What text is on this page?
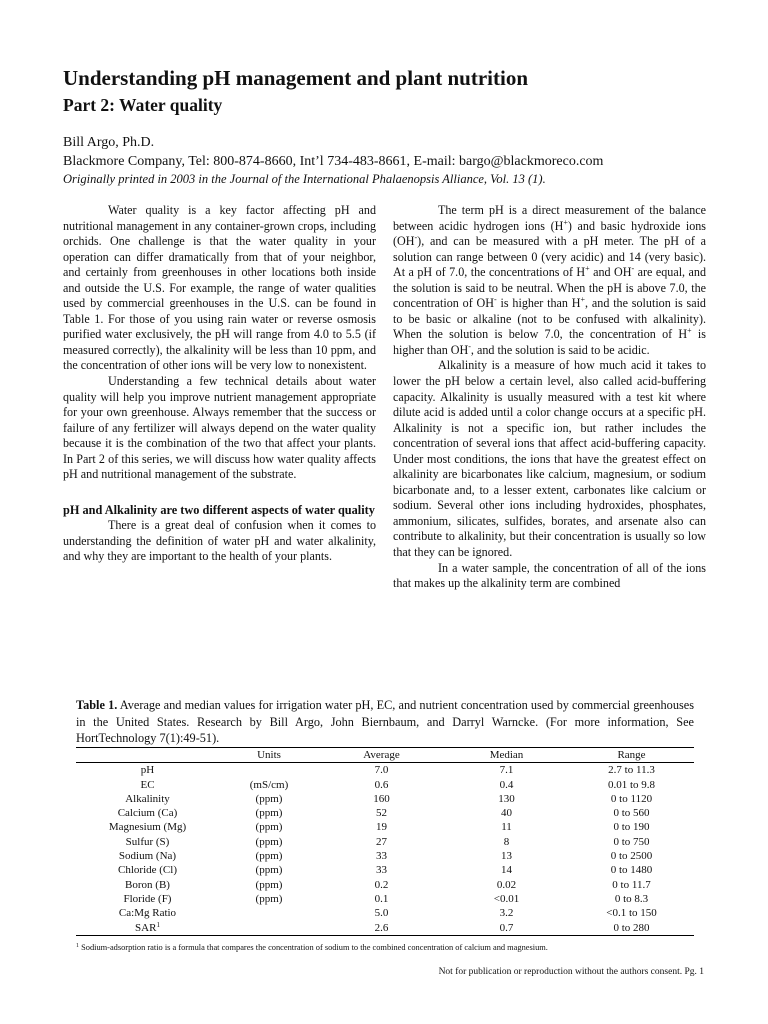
Understanding pH management and plant nutrition
Part 2: Water quality
Bill Argo, Ph.D.
Blackmore Company, Tel: 800-874-8660, Int’l 734-483-8661, E-mail: bargo@blackmoreco.com
Originally printed in 2003 in the Journal of the International Phalaenopsis Alliance, Vol. 13 (1).

Water quality is a key factor affecting pH and nutritional management in any container-grown crops, including orchids. One challenge is that the water quality in your operation can differ dramatically from that of your neighbor, and certainly from greenhouses in other locations both inside and outside the U.S. For example, the range of water qualities used by commercial greenhouses in the U.S. can be found in Table 1. For those of you using rain water or reverse osmosis purified water exclusively, the pH will range from 4.0 to 5.5 (if measured correctly), the alkalinity will be less than 10 ppm, and the concentration of other ions will be very low to nonexistent.

Understanding a few technical details about water quality will help you improve nutrient management appropriate for your own greenhouse. Always remember that the success or failure of any fertilizer will always depend on the water quality because it is the combination of the two that affect your plants. In Part 2 of this series, we will discuss how water quality affects pH and nutritional management of the substrate.

pH and Alkalinity are two different aspects of water quality

There is a great deal of confusion when it comes to understanding the definition of water pH and water alkalinity, and why they are important to the health of your plants.

The term pH is a direct measurement of the balance between acidic hydrogen ions (H+) and basic hydroxide ions (OH-), and can be measured with a pH meter. The pH of a solution can range between 0 (very acidic) and 14 (very basic). At a pH of 7.0, the concentrations of H+ and OH- are equal, and the solution is said to be neutral. When the pH is above 7.0, the concentration of OH- is higher than H+, and the solution is said to be basic or alkaline (not to be confused with alkalinity). When the solution is below 7.0, the concentration of H+ is higher than OH-, and the solution is said to be acidic.

Alkalinity is a measure of how much acid it takes to lower the pH below a certain level, also called acid-buffering capacity. Alkalinity is usually measured with a test kit where dilute acid is added until a color change occurs at a specific pH. Alkalinity is not a specific ion, but rather includes the concentration of several ions that affect acid-buffering capacity. Under most conditions, the ions that have the greatest effect on alkalinity are bicarbonates like calcium, magnesium, or sodium bicarbonate and, to a lesser extent, carbonates like calcium or sodium. Several other ions including hydroxides, phosphates, ammonium, silicates, sulfides, borates, and arsenate also can contribute to alkalinity, but their concentration is usually so low that they can be ignored.

In a water sample, the concentration of all of the ions that makes up the alkalinity term are combined

Table 1. Average and median values for irrigation water pH, EC, and nutrient concentration used by commercial greenhouses in the United States. Research by Bill Argo, John Biernbaum, and Darryl Warncke. (For more information, See HortTechnology 7(1):49-51).
	Units	Average	Median	Range
pH		7.0	7.1	2.7 to 11.3
EC	(mS/cm)	0.6	0.4	0.01 to 9.8
Alkalinity	(ppm)	160	130	0 to 1120
Calcium (Ca)	(ppm)	52	40	0 to 560
Magnesium (Mg)	(ppm)	19	11	0 to 190
Sulfur (S)	(ppm)	27	8	0 to 750
Sodium (Na)	(ppm)	33	13	0 to 2500
Chloride (Cl)	(ppm)	33	14	0 to 1480
Boron (B)	(ppm)	0.2	0.02	0 to 11.7
Floride (F)	(ppm)	0.1	<0.01	0 to 8.3
Ca:Mg Ratio		5.0	3.2	<0.1 to 150
SAR$^1$		2.6	0.7	0 to 280
$^1$ Sodium-adsorption ratio is a formula that compares the concentration of sodium to the combined concentration of calcium and magnesium.
Not for publication or reproduction without the authors consent. Pg. 1
